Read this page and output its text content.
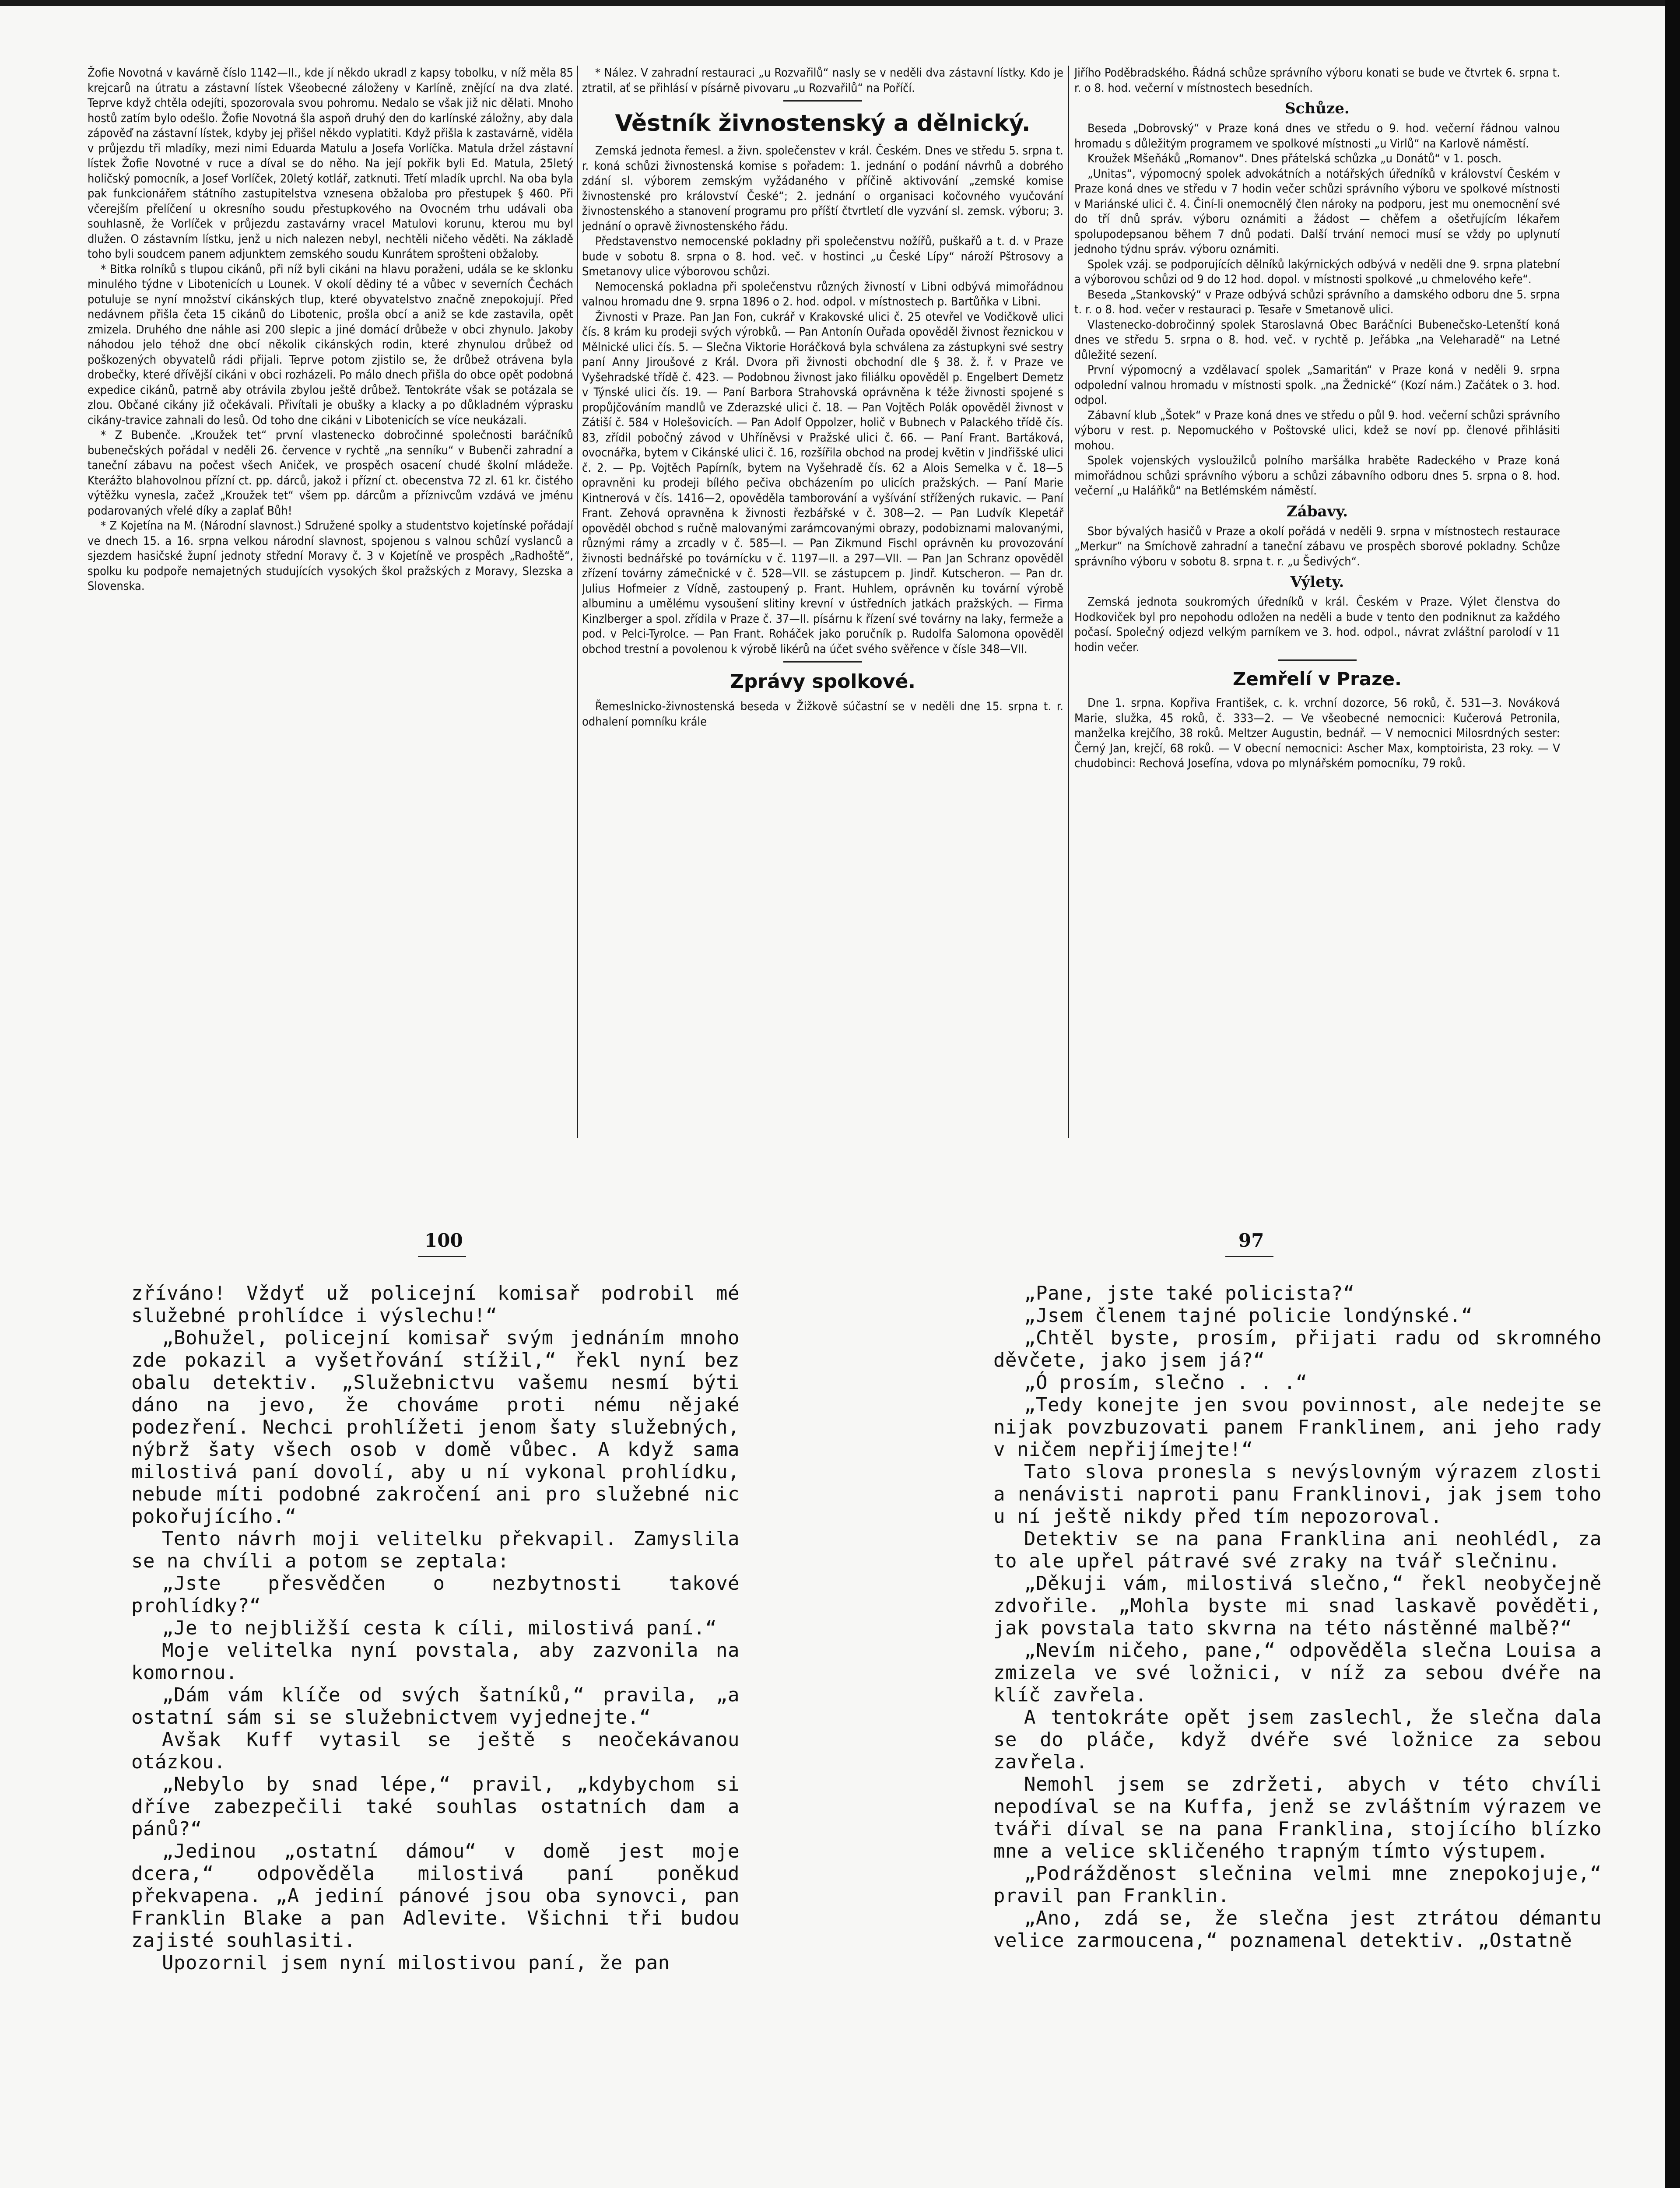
Žofie Novotná v kavárně číslo 1142—II., kde jí někdo ukradl z kapsy tobolku, v níž měla 85 krejcarů na útratu a zástavní lístek Všeobecné záloženy v Karlíně, znějící na dva zlaté. Teprve když chtěla odejíti, spozorovala svou pohromu. Nedalo se však již nic dělati. Mnoho hostů zatím bylo odešlo. Žofie Novotná šla aspoň druhý den do karlínské záložny, aby dala zápověď na zástavní lístek, kdyby jej přišel někdo vyplatiti. Když přišla k zastavárně, viděla v průjezdu tři mladíky, mezi nimi Eduarda Matulu a Josefa Vorlíčka. Matula držel zástavní lístek Žofie Novotné v ruce a díval se do něho. Na její pokřik byli Ed. Matula, 25letý holičský pomocník, a Josef Vorlíček, 20letý kotlář, zatknuti. Třetí mladík uprchl. Na oba byla pak funkcionářem státního zastupitelstva vznesena obžaloba pro přestupek § 460. Při včerejším přelíčení u okresního soudu přestupkového na Ovocném trhu udávali oba souhlasně, že Vorlíček v průjezdu zastavárny vracel Matulovi korunu, kterou mu byl dlužen. O zástavním lístku, jenž u nich nalezen nebyl, nechtěli ničeho věděti. Na základě toho byli soudcem panem adjunktem zemského soudu Kunrátem sprošteni obžaloby.

* Bitka rolníků s tlupou cikánů, při níž byli cikáni na hlavu poraženi, udála se ke sklonku minulého týdne v Libotenicích u Lounek. V okolí dědiny té a vůbec v severních Čechách potuluje se nyní množství cikánských tlup, které obyvatelstvo značně znepokojují. Před nedávnem přišla četa 15 cikánů do Libotenic, prošla obcí a aniž se kde zastavila, opět zmizela. Druhého dne náhle asi 200 slepic a jiné domácí drůbeže v obci zhynulo. Jakoby náhodou jelo téhož dne obcí několik cikánských rodin, které zhynulou drůbež od poškozených obyvatelů rádi přijali. Teprve potom zjistilo se, že drůbež otrávena byla drobečky, které dřívější cikáni v obci rozházeli. Po málo dnech přišla do obce opět podobná expedice cikánů, patrně aby otrávila zbylou ještě drůbež. Tentokráte však se potázala se zlou. Občané cikány již očekávali. Přivítali je obušky a klacky a po důkladném výprasku cikány-travice zahnali do lesů. Od toho dne cikáni v Libotenicích se více neukázali.

* Z Bubenče. „Kroužek tet“ první vlastenecko dobročinné společnosti baráčníků bubenečských pořádal v neděli 26. července v rychtě „na senníku“ v Bubenči zahradní a taneční zábavu na počest všech Aniček, ve prospěch osacení chudé školní mládeže. Kterážto blahovolnou přízní ct. pp. dárců, jakož i přízní ct. obecenstva 72 zl. 61 kr. čistého výtěžku vynesla, začež „Kroužek tet“ všem pp. dárcům a příznivcům vzdává ve jménu podarovaných vřelé díky a zaplať Bůh!

* Z Kojetína na M. (Národní slavnost.) Sdružené spolky a studentstvo kojetínské pořádají ve dnech 15. a 16. srpna velkou národní slavnost, spojenou s valnou schůzí vyslanců a sjezdem hasičské župní jednoty střední Moravy č. 3 v Kojetíně ve prospěch „Radhoště“, spolku ku podpoře nemajetných studujících vysokých škol pražských z Moravy, Slezska a Slovenska.

* Nález. V zahradní restauraci „u Rozvařilů“ nasly se v neděli dva zástavní lístky. Kdo je ztratil, ať se přihlásí v písárně pivovaru „u Rozvařilů“ na Poříčí.

Věstník živnostenský a dělnický.

Zemská jednota řemesl. a živn. společenstev v král. Českém. Dnes ve středu 5. srpna t. r. koná schůzi živnostenská komise s pořadem: 1. jednání o podání návrhů a dobrého zdání sl. výborem zemským vyžádaného v příčině aktivování „zemské komise živnostenské pro království České“; 2. jednání o organisaci kočovného vyučování živnostenského a stanovení programu pro příští čtvrtletí dle vyzvání sl. zemsk. výboru; 3. jednání o opravě živnostenského řádu.

Představenstvo nemocenské pokladny při společenstvu nožířů, puškařů a t. d. v Praze bude v sobotu 8. srpna o 8. hod. več. v hostinci „u České Lípy“ nároží Pštrosovy a Smetanovy ulice výborovou schůzi.

Nemocenská pokladna při společenstvu různých živností v Libni odbývá mimořádnou valnou hromadu dne 9. srpna 1896 o 2. hod. odpol. v místnostech p. Bartůňka v Libni.

Živnosti v Praze. Pan Jan Fon, cukrář v Krakovské ulici č. 25 otevřel ve Vodičkově ulici čís. 8 krám ku prodeji svých výrobků. — Pan Antonín Ouřada opověděl živnost řeznickou v Mělnické ulici čís. 5. — Slečna Viktorie Horáčková byla schválena za zástupkyni své sestry paní Anny Jiroušové z Král. Dvora při živnosti obchodní dle § 38. ž. ř. v Praze ve Vyšehradské třídě č. 423. — Podobnou živnost jako filiálku opověděl p. Engelbert Demetz v Týnské ulici čís. 19. — Paní Barbora Strahovská oprávněna k téže živnosti spojené s propůjčováním mandlů ve Zderazské ulici č. 18. — Pan Vojtěch Polák opověděl živnost v Zátiší č. 584 v Holešovicích. — Pan Adolf Oppolzer, holič v Bubnech v Palackého třídě čís. 83, zřídil pobočný závod v Uhříněvsi v Pražské ulici č. 66. — Paní Frant. Bartáková, ovocnářka, bytem v Cikánské ulici č. 16, rozšířila obchod na prodej květin v Jindřišské ulici č. 2. — Pp. Vojtěch Papírník, bytem na Vyšehradě čís. 62 a Alois Semelka v č. 18—5 opravněni ku prodeji bílého pečiva obcházením po ulicích pražských. — Paní Marie Kintnerová v čís. 1416—2, opověděla tamborování a vyšívání střížených rukavic. — Paní Frant. Zehová opravněna k živnosti řezbářské v č. 308—2. — Pan Ludvík Klepetář opověděl obchod s ručně malovanými zarámcovanými obrazy, podobiznami malovanými, různými rámy a zrcadly v č. 585—I. — Pan Zikmund Fischl oprávněn ku provozování živnosti bednářské po továrnícku v č. 1197—II. a 297—VII. — Pan Jan Schranz opověděl zřízení továrny zámečnické v č. 528—VII. se zástupcem p. Jindř. Kutscheron. — Pan dr. Julius Hofmeier z Vídně, zastoupený p. Frant. Huhlem, oprávněn ku tovární výrobě albuminu a umělému vysoušení slitiny krevní v ústředních jatkách pražských. — Firma Kinzlberger a spol. zřídila v Praze č. 37—II. písárnu k řízení své továrny na laky, fermeže a pod. v Pelci-Tyrolce. — Pan Frant. Roháček jako poručník p. Rudolfa Salomona opověděl obchod trestní a povolenou k výrobě likérů na účet svého svěřence v čísle 348—VII.

Zprávy spolkové.

Řemeslnicko-živnostenská beseda v Žižkově súčastní se v neděli dne 15. srpna t. r. odhalení pomníku krále

Jiřího Poděbradského. Řádná schůze správního výboru konati se bude ve čtvrtek 6. srpna t. r. o 8. hod. večerní v místnostech besedních.

Schůze.

Beseda „Dobrovský“ v Praze koná dnes ve středu o 9. hod. večerní řádnou valnou hromadu s důležitým programem ve spolkové místnosti „u Virlů“ na Karlově náměstí.

Kroužek Mšeňáků „Romanov“. Dnes přátelská schůzka „u Donátů“ v 1. posch.

„Unitas“, výpomocný spolek advokátních a notářských úředníků v království Českém v Praze koná dnes ve středu v 7 hodin večer schůzi správního výboru ve spolkové místnosti v Mariánské ulici č. 4. Činí-li onemocnělý člen nároky na podporu, jest mu onemocnění své do tří dnů správ. výboru oznámiti a žádost — chěfem a ošetřujícím lékařem spolupodepsanou během 7 dnů podati. Další trvání nemoci musí se vždy po uplynutí jednoho týdnu správ. výboru oznámiti.

Spolek vzáj. se podporujících dělníků lakýrnických odbývá v neděli dne 9. srpna platební a výborovou schůzi od 9 do 12 hod. dopol. v místnosti spolkové „u chmelového keře“.

Beseda „Stankovský“ v Praze odbývá schůzi správního a damského odboru dne 5. srpna t. r. o 8. hod. večer v restauraci p. Tesaře v Smetanově ulici.

Vlastenecko-dobročinný spolek Staroslavná Obec Baráčníci Bubenečsko-Letenští koná dnes ve středu 5. srpna o 8. hod. več. v rychtě p. Jeřábka „na Veleharadě“ na Letné důležité sezení.

První výpomocný a vzdělavací spolek „Samaritán“ v Praze koná v neděli 9. srpna odpolední valnou hromadu v místnosti spolk. „na Žednické“ (Kozí nám.) Začátek o 3. hod. odpol.

Zábavní klub „Šotek“ v Praze koná dnes ve středu o půl 9. hod. večerní schůzi správního výboru v rest. p. Nepomuckého v Poštovské ulici, kdež se noví pp. členové přihlásiti mohou.

Spolek vojenských vysloužilců polního maršálka hraběte Radeckého v Praze koná mimořádnou schůzi správního výboru a schůzi zábavního odboru dnes 5. srpna o 8. hod. večerní „u Haláňků“ na Betlémském náměstí.

Zábavy.

Sbor bývalých hasičů v Praze a okolí pořádá v neděli 9. srpna v místnostech restaurace „Merkur“ na Smíchově zahradní a taneční zábavu ve prospěch sborové pokladny. Schůze správního výboru v sobotu 8. srpna t. r. „u Šedivých“.

Výlety.

Zemská jednota soukromých úředníků v král. Českém v Praze. Výlet členstva do Hodkoviček byl pro nepohodu odložen na neděli a bude v tento den podniknut za každého počasí. Společný odjezd velkým parníkem ve 3. hod. odpol., návrat zvláštní parolodí v 11 hodin večer.

Zemřelí v Praze.

Dne 1. srpna. Kopřiva František, c. k. vrchní dozorce, 56 roků, č. 531—3. Nováková Marie, služka, 45 roků, č. 333—2. — Ve všeobecné nemocnici: Kučerová Petronila, manželka krejčího, 38 roků. Meltzer Augustin, bednář. — V nemocnici Milosrdných sester: Černý Jan, krejčí, 68 roků. — V obecní nemocnici: Ascher Max, komptoirista, 23 roky. — V chudobinci: Rechová Josefína, vdova po mlynářském pomocníku, 79 roků.

100

zříváno! Vždyť už policejní komisař podrobil mé služebné prohlídce i výslechu!“

„Bohužel, policejní komisař svým jednáním mnoho zde pokazil a vyšetřování stížil,“ řekl nyní bez obalu detektiv. „Služebnictvu vašemu nesmí býti dáno na jevo, že chováme proti nému nějaké podezření. Nechci prohlížeti jenom šaty služebných, nýbrž šaty všech osob v domě vůbec. A když sama milostivá paní dovolí, aby u ní vykonal prohlídku, nebude míti podobné zakročení ani pro služebné nic pokořujícího.“

Tento návrh moji velitelku překvapil. Zamyslila se na chvíli a potom se zeptala:

„Jste přesvědčen o nezbytnosti takové prohlídky?“

„Je to nejbližší cesta k cíli, milostivá paní.“

Moje velitelka nyní povstala, aby zazvonila na komornou.

„Dám vám klíče od svých šatníků,“ pravila, „a ostatní sám si se služebnictvem vyjednejte.“

Avšak Kuff vytasil se ještě s neočekávanou otázkou.

„Nebylo by snad lépe,“ pravil, „kdybychom si dříve zabezpečili také souhlas ostatních dam a pánů?“

„Jedinou „ostatní dámou“ v domě jest moje dcera,“ odpověděla milostivá paní poněkud překvapena. „A jediní pánové jsou oba synovci, pan Franklin Blake a pan Adlevite. Všichni tři budou zajisté souhlasiti.

Upozornil jsem nyní milostivou paní, že pan

97

„Pane, jste také policista?“

„Jsem členem tajné policie londýnské.“

„Chtěl byste, prosím, přijati radu od skromného děvčete, jako jsem já?“

„Ó prosím, slečno . . .“

„Tedy konejte jen svou povinnost, ale nedejte se nijak povzbuzovati panem Franklinem, ani jeho rady v ničem nepřijímejte!“

Tato slova pronesla s nevýslovným výrazem zlosti a nenávisti naproti panu Franklinovi, jak jsem toho u ní ještě nikdy před tím nepozoroval.

Detektiv se na pana Franklina ani neohlédl, za to ale upřel pátravé své zraky na tvář slečninu.

„Děkuji vám, milostivá slečno,“ řekl neobyčejně zdvořile. „Mohla byste mi snad laskavě pověděti, jak povstala tato skvrna na této nástěnné malbě?“

„Nevím ničeho, pane,“ odpověděla slečna Louisa a zmizela ve své ložnici, v níž za sebou dvéře na klíč zavřela.

A tentokráte opět jsem zaslechl, že slečna dala se do pláče, když dvéře své ložnice za sebou zavřela.

Nemohl jsem se zdržeti, abych v této chvíli nepodíval se na Kuffa, jenž se zvláštním výrazem ve tváři díval se na pana Franklina, stojícího blízko mne a velice skličeného trapným tímto výstupem.

„Podrážděnost slečnina velmi mne znepokojuje,“ pravil pan Franklin.

„Ano, zdá se, že slečna jest ztrátou démantu velice zarmoucena,“ poznamenal detektiv. „Ostatně
